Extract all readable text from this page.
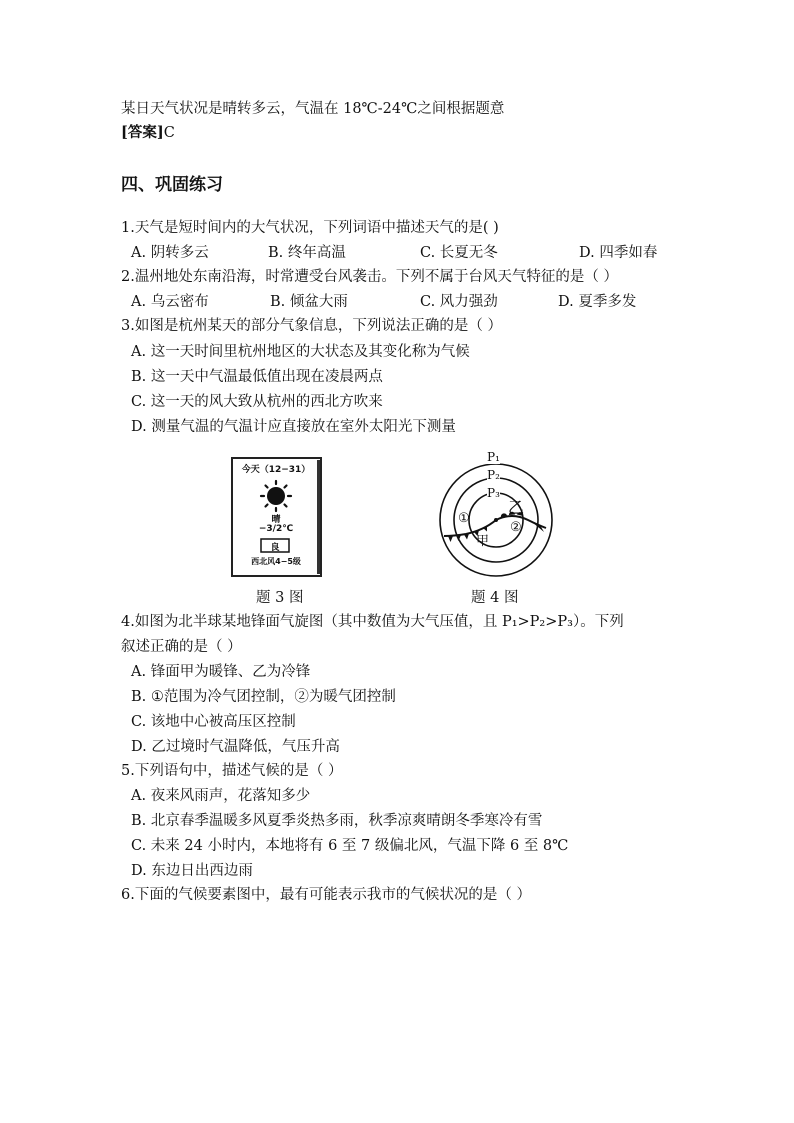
某日天气状况是晴转多云，气温在 18℃-24℃之间根据题意
[答案]C
四、巩固练习
1.天气是短时间内的大气状况，下列词语中描述天气的是( )
A. 阴转多云	B. 终年高温	C. 长夏无冬	D. 四季如春
2.温州地处东南沿海，时常遭受台风袭击。下列不属于台风天气特征的是（ ）
A. 乌云密布	B. 倾盆大雨	C. 风力强劲	D. 夏季多发
3.如图是杭州某天的部分气象信息，下列说法正确的是（ ）
A. 这一天时间里杭州地区的大状态及其变化称为气候
B. 这一天中气温最低值出现在凌晨两点
C. 这一天的风大致从杭州的西北方吹来
D. 测量气温的气温计应直接放在室外太阳光下测量
今天（12−31）
晴
−3/2℃
良
西北风4−5级
P₁
P₂
P₃
乙
甲
①
②
题 3 图	题 4 图
4.如图为北半球某地锋面气旋图（其中数值为大气压值，且 P₁>P₂>P₃）。下列
叙述正确的是（ ）
A. 锋面甲为暖锋、乙为冷锋
B. ①范围为冷气团控制，②为暖气团控制
C. 该地中心被高压区控制
D. 乙过境时气温降低，气压升高
5.下列语句中，描述气候的是（ ）
A. 夜来风雨声，花落知多少
B. 北京春季温暖多风夏季炎热多雨，秋季凉爽晴朗冬季寒冷有雪
C. 未来 24 小时内，本地将有 6 至 7 级偏北风，气温下降 6 至 8℃
D. 东边日出西边雨
6.下面的气候要素图中，最有可能表示我市的气候状况的是（ ）
